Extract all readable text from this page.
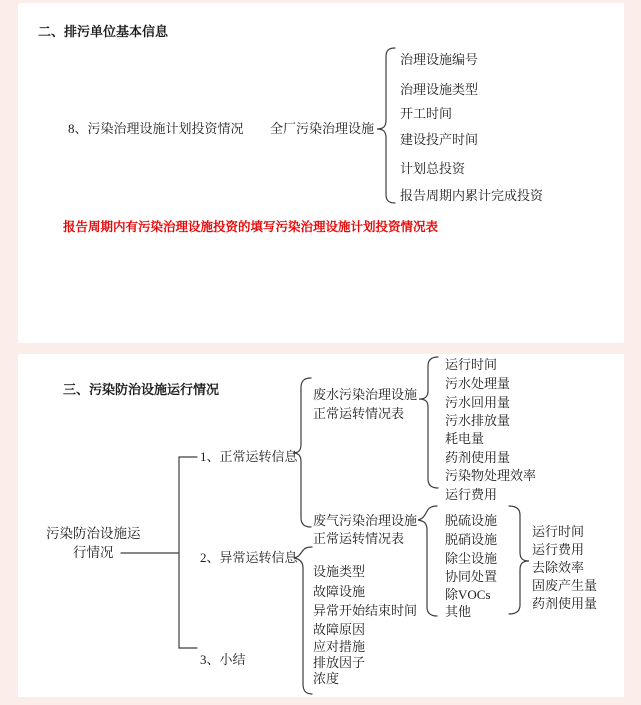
二、排污单位基本信息
8、污染治理设施计划投资情况 全厂污染治理设施
治理设施编号
治理设施类型
开工时间
建设投产时间
计划总投资
报告周期内累计完成投资
报告周期内有污染治理设施投资的填写污染治理设施计划投资情况表
三、污染防治设施运行情况
污染防治设施运
行情况
1、正常运转信息
2、异常运转信息
3、小结
废水污染治理设施
正常运转情况表
运行时间
污水处理量
污水回用量
污水排放量
耗电量
药剂使用量
污染物处理效率
运行费用
废气污染治理设施
正常运转情况表
脱硫设施
脱硝设施
除尘设施
协同处置
除VOCs
其他
运行时间
运行费用
去除效率
固废产生量
药剂使用量
设施类型
故障设施
异常开始结束时间
故障原因
应对措施
排放因子
浓度
